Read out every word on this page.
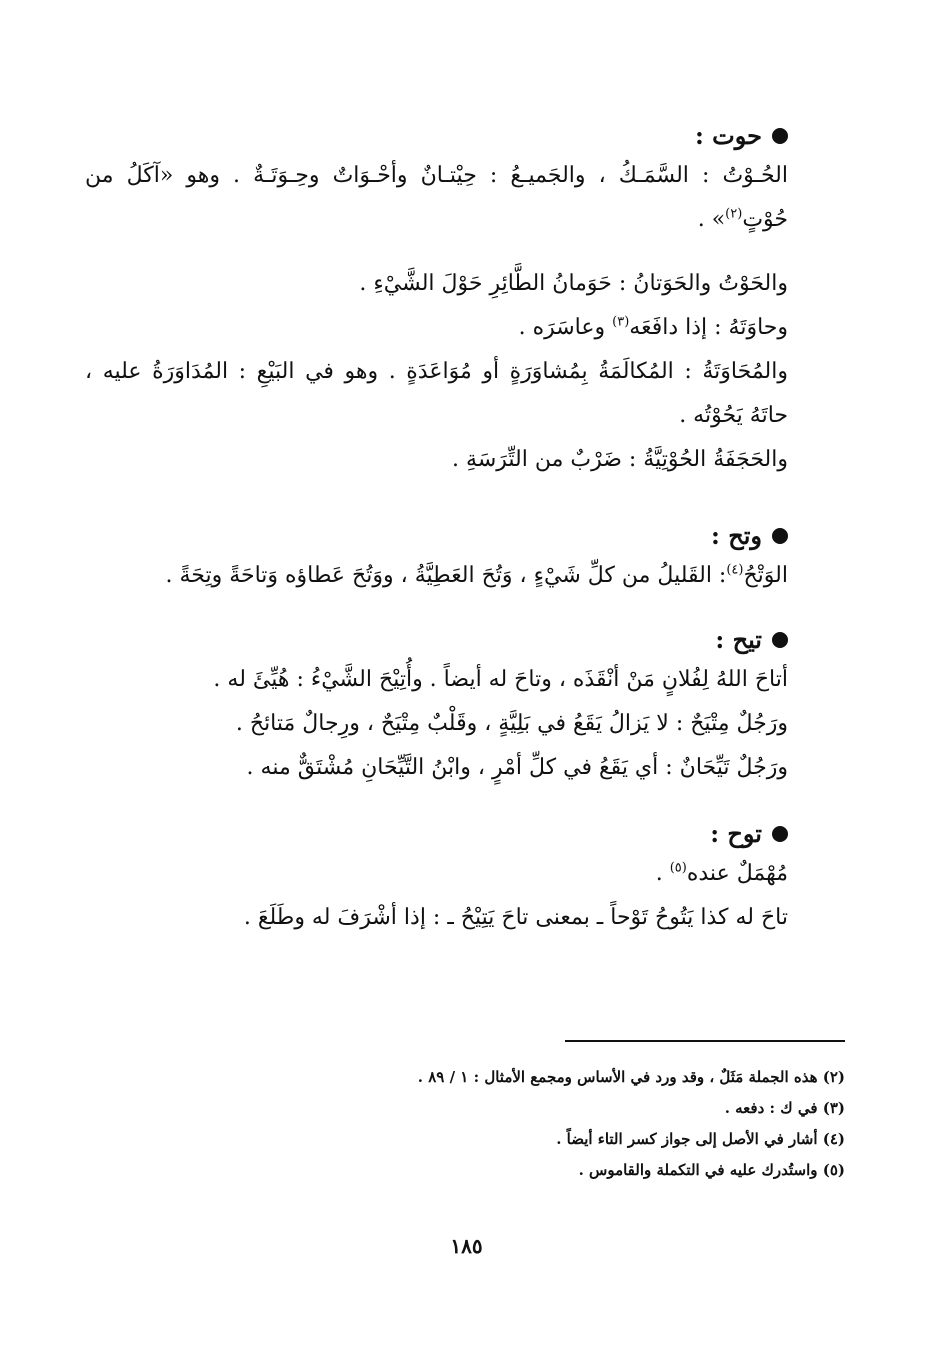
حوت :
الحُـوْتُ : السَّمَـكُ ، والجَميـعُ : حِيْتـانٌ وأحْـوَاتٌ وحِـوَتَـةٌ . وهو «آكَلُ من
حُوْتٍ$^{(٢)}$» .
والحَوْتُ والحَوَتانُ : حَوَمانُ الطَّائِرِ حَوْلَ الشَّيْءِ .
وحاوَتَهُ : إذا دافَعَه$^{(٣)}$ وعاسَرَه .
والمُحَاوَتَةُ : المُكالَمَةُ بِمُشاوَرَةٍ أو مُوَاعَدَةٍ . وهو في البَيْعِ : المُدَاوَرَةُ عليه ،
حاتَهُ يَحُوْتُه .
والحَجَفَةُ الحُوْتِيَّةُ : ضَرْبٌ من التِّرَسَةِ .
وتح :
الوَتْحُ$^{(٤)}$: القَليلُ من كلِّ شَيْءٍ ، وَتُحَ العَطِيَّةُ ، ووَتُحَ عَطاؤه وَتاحَةً وتِحَةً .
تيح :
أتاحَ اللهُ لِفُلانٍ مَنْ أنْقَذَه ، وتاحَ له أيضاً . وأُتِيْحَ الشَّيْءُ : هُيِّئَ له .
ورَجُلٌ مِتْيَحٌ : لا يَزالُ يَقَعُ في بَلِيَّةٍ ، وقَلْبٌ مِتْيَحٌ ، ورِجالٌ مَتائحُ .
ورَجُلٌ تَيِّحَانٌ : أي يَقَعُ في كلِّ أمْرٍ ، وابْنُ التَّيِّحَانِ مُشْتَقٌّ منه .
توح :
مُهْمَلٌ عنده$^{(٥)}$ .
تاحَ له كذا يَتُوحُ تَوْحاً ـ بمعنى تاحَ يَتِيْحُ ـ : إذا أشْرَفَ له وطَلَعَ .
(٢) هذه الجملة مَثَلٌ ، وقد ورد في الأساس ومجمع الأمثال : ١ / ٨٩ .
(٣) في ك : دفعه .
(٤) أشار في الأصل إلى جواز كسر التاء أيضاً .
(٥) واستُدرك عليه في التكملة والقاموس .
١٨٥
